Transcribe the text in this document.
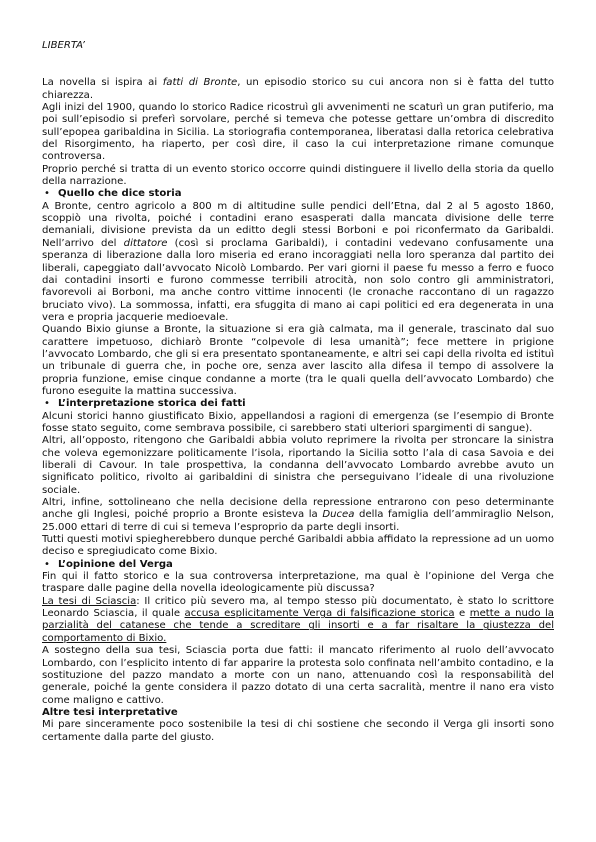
LIBERTA’

La novella si ispira ai fatti di Bronte, un episodio storico su cui ancora non si è fatta del tutto chiarezza.

Agli inizi del 1900, quando lo storico Radice ricostruì gli avvenimenti ne scaturì un gran putiferio, ma poi sull’episodio si preferì sorvolare, perché si temeva che potesse gettare un’ombra di discredito sull’epopea garibaldina in Sicilia. La storiografia contemporanea, liberatasi dalla retorica celebrativa del Risorgimento, ha riaperto, per così dire, il caso la cui interpretazione rimane comunque controversa.

Proprio perché si tratta di un evento storico occorre quindi distinguere il livello della storia da quello della narrazione.

• Quello che dice storia

A Bronte, centro agricolo a 800 m di altitudine sulle pendici dell’Etna, dal 2 al 5 agosto 1860, scoppiò una rivolta, poiché i contadini erano esasperati dalla mancata divisione delle terre demaniali, divisione prevista da un editto degli stessi Borboni e poi riconfermato da Garibaldi. Nell’arrivo del dittatore (così si proclama Garibaldi), i contadini vedevano confusamente una speranza di liberazione dalla loro miseria ed erano incoraggiati nella loro speranza dal partito dei liberali, capeggiato dall’avvocato Nicolò Lombardo. Per vari giorni il paese fu messo a ferro e fuoco dai contadini insorti e furono commesse terribili atrocità, non solo contro gli amministratori, favorevoli ai Borboni, ma anche contro vittime innocenti (le cronache raccontano di un ragazzo bruciato vivo). La sommossa, infatti, era sfuggita di mano ai capi politici ed era degenerata in una vera e propria jacquerie medioevale.

Quando Bixio giunse a Bronte, la situazione si era già calmata, ma il generale, trascinato dal suo carattere impetuoso, dichiarò Bronte “colpevole di lesa umanità”; fece mettere in prigione l’avvocato Lombardo, che gli si era presentato spontaneamente, e altri sei capi della rivolta ed istituì un tribunale di guerra che, in poche ore, senza aver lascito alla difesa il tempo di assolvere la propria funzione, emise cinque condanne a morte (tra le quali quella dell’avvocato Lombardo) che furono eseguite la mattina successiva.

• L’interpretazione storica dei fatti

Alcuni storici hanno giustificato Bixio, appellandosi a ragioni di emergenza (se l’esempio di Bronte fosse stato seguito, come sembrava possibile, ci sarebbero stati ulteriori spargimenti di sangue).

Altri, all’opposto, ritengono che Garibaldi abbia voluto reprimere la rivolta per stroncare la sinistra che voleva egemonizzare politicamente l’isola, riportando la Sicilia sotto l’ala di casa Savoia e dei liberali di Cavour. In tale prospettiva, la condanna dell’avvocato Lombardo avrebbe avuto un significato politico, rivolto ai garibaldini di sinistra che perseguivano l’ideale di una rivoluzione sociale.

Altri, infine, sottolineano che nella decisione della repressione entrarono con peso determinante anche gli Inglesi, poiché proprio a Bronte esisteva la Ducea della famiglia dell’ammiraglio Nelson, 25.000 ettari di terre di cui si temeva l’esproprio da parte degli insorti.

Tutti questi motivi spiegherebbero dunque perché Garibaldi abbia affidato la repressione ad un uomo deciso e spregiudicato come Bixio.

• L’opinione del Verga

Fin qui il fatto storico e la sua controversa interpretazione, ma qual è l’opinione del Verga che traspare dalle pagine della novella ideologicamente più discussa?

La tesi di Sciascia: Il critico più severo ma, al tempo stesso più documentato, è stato lo scrittore Leonardo Sciascia, il quale accusa esplicitamente Verga di falsificazione storica e mette a nudo la parzialità del catanese che tende a screditare gli insorti e a far risaltare la giustezza del comportamento di Bixio.

A sostegno della sua tesi, Sciascia porta due fatti: il mancato riferimento al ruolo dell’avvocato Lombardo, con l’esplicito intento di far apparire la protesta solo confinata nell’ambito contadino, e la sostituzione del pazzo mandato a morte con un nano, attenuando così la responsabilità del generale, poiché la gente considera il pazzo dotato di una certa sacralità, mentre il nano era visto come maligno e cattivo.

Altre tesi interpretative

Mi pare sinceramente poco sostenibile la tesi di chi sostiene che secondo il Verga gli insorti sono certamente dalla parte del giusto.
